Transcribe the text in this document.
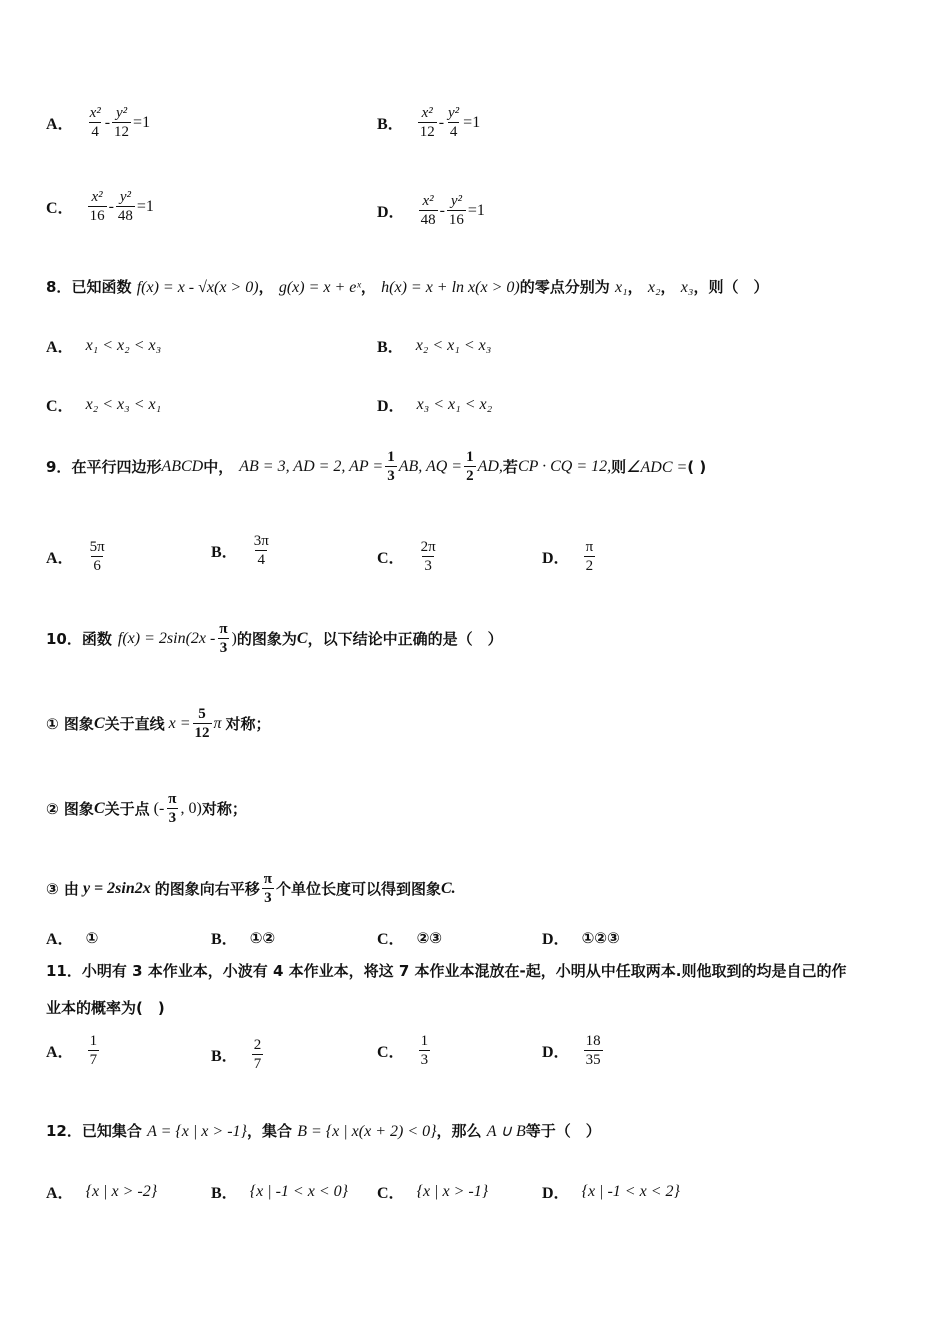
A． $\frac{\text{x²}}{4} - \frac{\text{y²}}{12} =1$	B． $\frac{\text{x²}}{12} - \frac{\text{y²}}{4} =1$
C． $\frac{\text{x²}}{16} - \frac{\text{y²}}{48} =1$	D． $\frac{\text{x²}}{48} - \frac{\text{y²}}{16} =1$
8．已知函数 f(x) = x - √x(x > 0)， g(x) = x + eˣ， h(x) = x + ln x(x > 0)的零点分别为 x₁， x₂， x₃，则（　）
A． x₁ < x₂ < x₃	B． x₂ < x₁ < x₃
C． x₂ < x₃ < x₁	D． x₃ < x₁ < x₂
9． 在平行四边形 ABCD 中， AB = 3, AD = 2, AP = $\frac{1}{3}$ AB, AQ = $\frac{1}{2}$ AD, 若 CP · CQ = 12, 则 ∠ADC = ( )
A． $\frac{5\pi}{6}$	B． $\frac{3\pi}{4}$	C． $\frac{2\pi}{3}$	D． $\frac{\pi}{2}$
10． 函数 $f(x) = 2\sin(2x - \frac{\pi}{3}$ ) 的图象为 C ，以下结论中正确的是（　）
① 图象 C 关于直线 $x = \frac{5}{12}$ π 对称；
② 图象 C 关于点 (- $\frac{\pi}{3}$ , 0) 对称；
③ 由 y = 2sin2x 的图象向右平移 $\frac{\pi}{3}$ 个单位长度可以得到图象 C.
A． ①	B． ①②	C． ②③	D． ①②③
11．小明有 3 本作业本，小波有 4 本作业本，将这 7 本作业本混放在-起，小明从中任取两本.则他取到的均是自己的作
业本的概率为(　)
A． $\frac{1}{7}$	B． $\frac{2}{7}$	C． $\frac{1}{3}$	D． $\frac{18}{35}$
12．已知集合 A = {x | x > -1}，集合 B = {x | x(x + 2) < 0}，那么 A ∪ B等于（　）
A． {x | x > -2}	B． {x | -1 < x < 0} C． {x | x > -1}	D． {x | -1 < x < 2}
